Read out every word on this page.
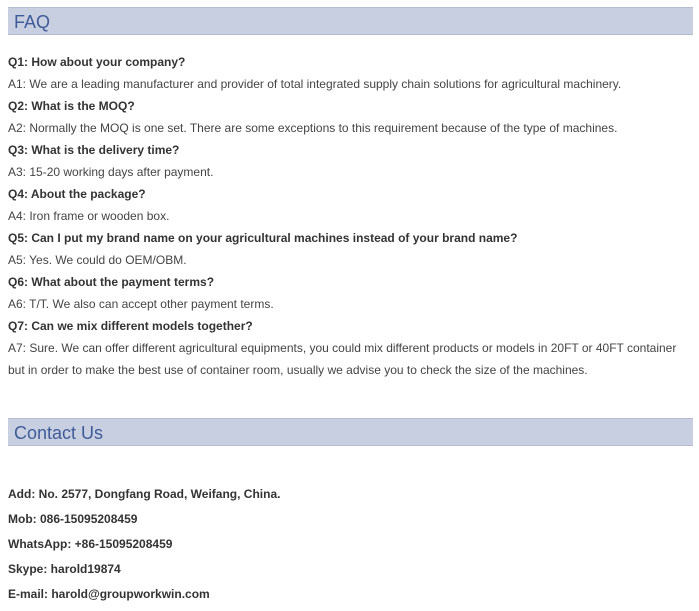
FAQ
Q1: How about your company?
A1: We are a leading manufacturer and provider of total integrated supply chain solutions for agricultural machinery.
Q2: What is the MOQ?
A2: Normally the MOQ is one set. There are some exceptions to this requirement because of the type of machines.
Q3: What is the delivery time?
A3: 15-20 working days after payment.
Q4: About the package?
A4: Iron frame or wooden box.
Q5: Can I put my brand name on your agricultural machines instead of your brand name?
A5: Yes. We could do OEM/OBM.
Q6: What about the payment terms?
A6: T/T. We also can accept other payment terms.
Q7: Can we mix different models together?
A7: Sure. We can offer different agricultural equipments, you could mix different products or models in 20FT or 40FT container but in order to make the best use of container room, usually we advise you to check the size of the machines.
Contact Us
Add: No. 2577, Dongfang Road, Weifang, China.
Mob: 086-15095208459
WhatsApp: +86-15095208459
Skype: harold19874
E-mail: harold@groupworkwin.com
